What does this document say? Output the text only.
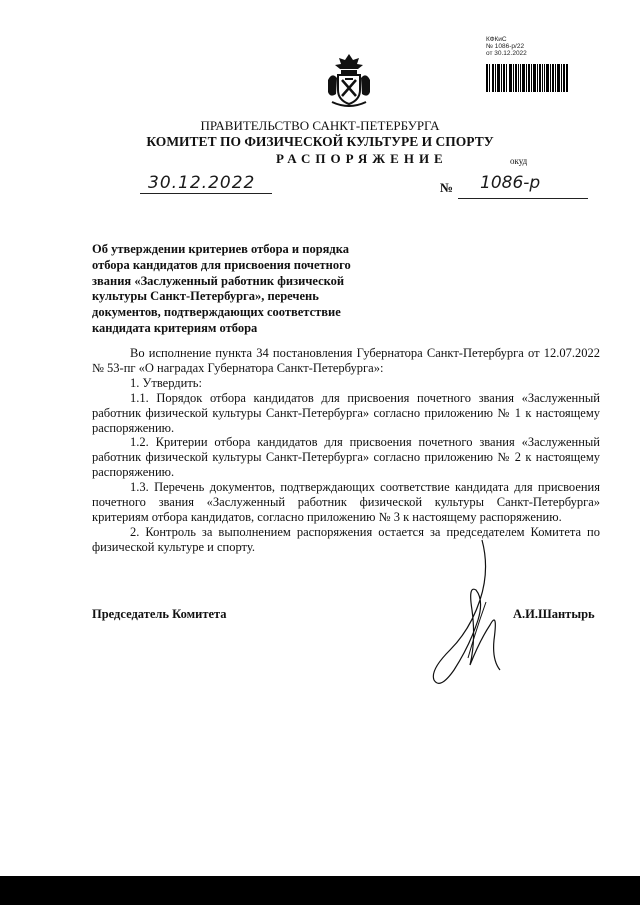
КФКиС
№ 1086-р/22
от 30.12.2022
ПРАВИТЕЛЬСТВО САНКТ-ПЕТЕРБУРГА
КОМИТЕТ ПО ФИЗИЧЕСКОЙ КУЛЬТУРЕ И СПОРТУ
РАСПОРЯЖЕНИЕ	окуд
30.12.2022	№ 1086-р
Об утверждении критериев отбора и порядка отбора кандидатов для присвоения почетного звания «Заслуженный работник физической культуры Санкт-Петербурга», перечень документов, подтверждающих соответствие кандидата критериям отбора

Во исполнение пункта 34 постановления Губернатора Санкт-Петербурга от 12.07.2022 № 53-пг «О наградах Губернатора Санкт-Петербурга»:

1. Утвердить:

1.1. Порядок отбора кандидатов для присвоения почетного звания «Заслуженный работник физической культуры Санкт-Петербурга» согласно приложению № 1 к настоящему распоряжению.

1.2. Критерии отбора кандидатов для присвоения почетного звания «Заслуженный работник физической культуры Санкт-Петербурга» согласно приложению № 2 к настоящему распоряжению.

1.3. Перечень документов, подтверждающих соответствие кандидата для присвоения почетного звания «Заслуженный работник физической культуры Санкт-Петербурга» критериям отбора кандидатов, согласно приложению № 3 к настоящему распоряжению.

2. Контроль за выполнением распоряжения остается за председателем Комитета по физической культуре и спорту.

Председатель Комитета	А.И.Шантырь
